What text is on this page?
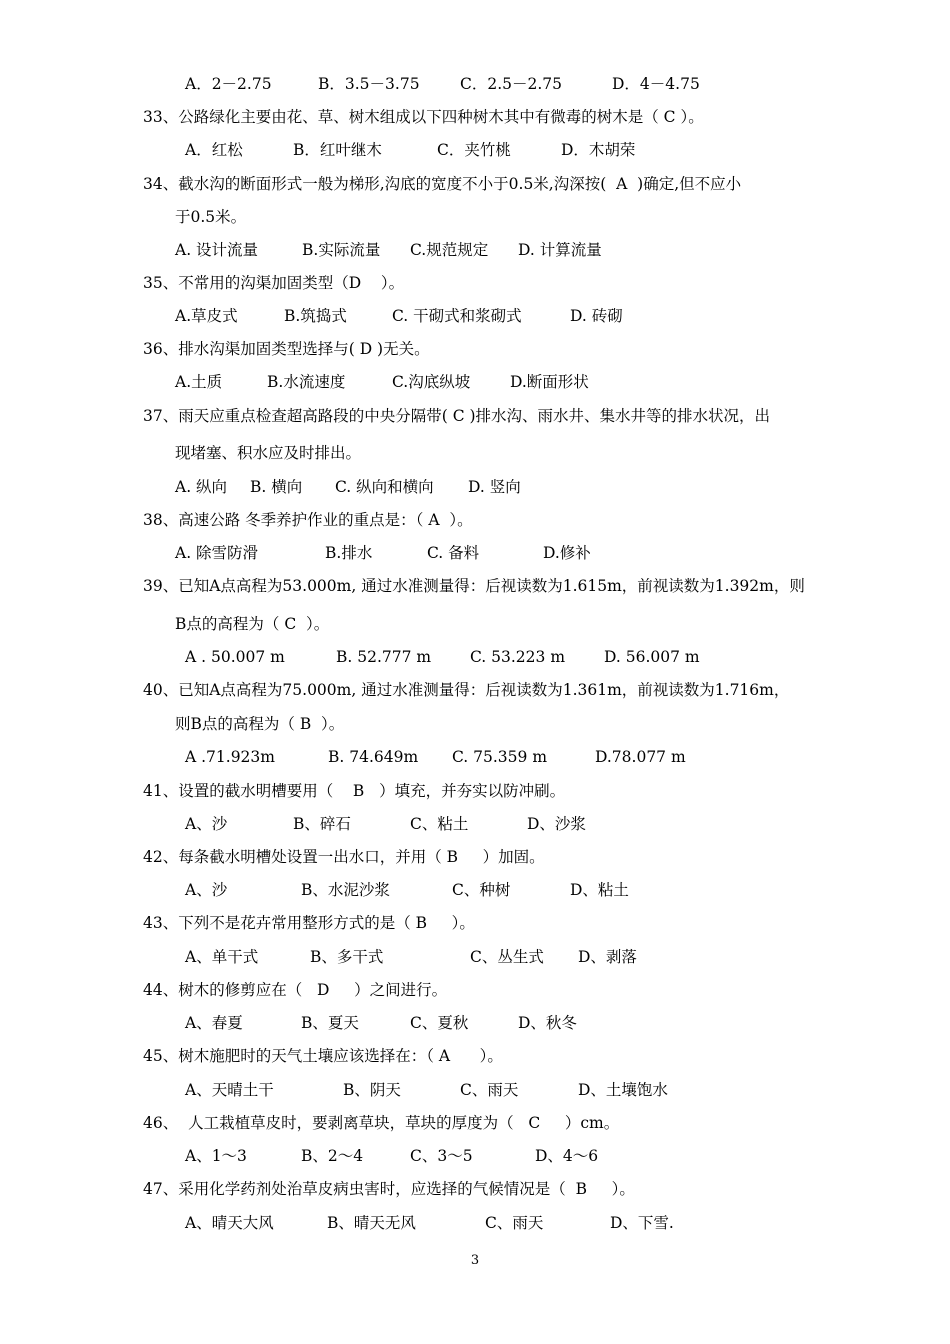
A．2－2.75	B．3.5－3.75	C．2.5－2.75	D．4－4.75
33、公路绿化主要由花、草、树木组成以下四种树木其中有微毒的树木是（ C ）。
A．红松	B．红叶继木	C．夹竹桃	D．木胡荣
34、截水沟的断面形式一般为梯形,沟底的宽度不小于0.5米,沟深按(  A  )确定,但不应小
于0.5米。
A. 设计流量	B.实际流量 C.规范规定 D. 计算流量
35、不常用的沟渠加固类型（D    ）。
A.草皮式	B.筑捣式	C. 干砌式和浆砌式	D. 砖砌
36、排水沟渠加固类型选择与( D )无关。
A.土质	B.水流速度	C.沟底纵坡	D.断面形状
37、雨天应重点检查超高路段的中央分隔带( C )排水沟、雨水井、集水井等的排水状况，出
现堵塞、积水应及时排出。
A. 纵向 B. 横向 C. 纵向和横向 D. 竖向
38、高速公路 冬季养护作业的重点是：（ A  ）。
A. 除雪防滑	B.排水	C. 备料	D.修补
39、已知A点高程为53.000m, 通过水准测量得：后视读数为1.615m，前视读数为1.392m，则
B点的高程为（ C  ）。
A . 50.007 m	B. 52.777 m	C. 53.223 m	D. 56.007 m
40、已知A点高程为75.000m, 通过水准测量得：后视读数为1.361m，前视读数为1.716m，
则B点的高程为（ B  ）。
A .71.923m	B. 74.649m C. 75.359 m	D.78.077 m
41、设置的截水明槽要用（    B   ）填充，并夯实以防冲刷。
A、沙	B、碎石	C、粘土	D、沙浆
42、每条截水明槽处设置一出水口，并用（ B     ）加固。
A、沙	B、水泥沙浆	C、种树	D、粘土
43、下列不是花卉常用整形方式的是（ B     ）。
A、单干式	B、多干式	C、丛生式 D、剥落
44、树木的修剪应在（   D     ）之间进行。
A、春夏	B、夏天	C、夏秋	D、秋冬
45、树木施肥时的天气土壤应该选择在：（ A      ）。
A、天晴土干	B、阴天	C、雨天	D、土壤饱水
46、  人工栽植草皮时，要剥离草块，草块的厚度为（   C     ）cm。
A、1～3	B、2～4	C、3～5	D、4～6
47、采用化学药剂处治草皮病虫害时，应选择的气候情况是（  B     ）。
A、晴天大风	B、晴天无风	C、雨天	D、下雪.
3
